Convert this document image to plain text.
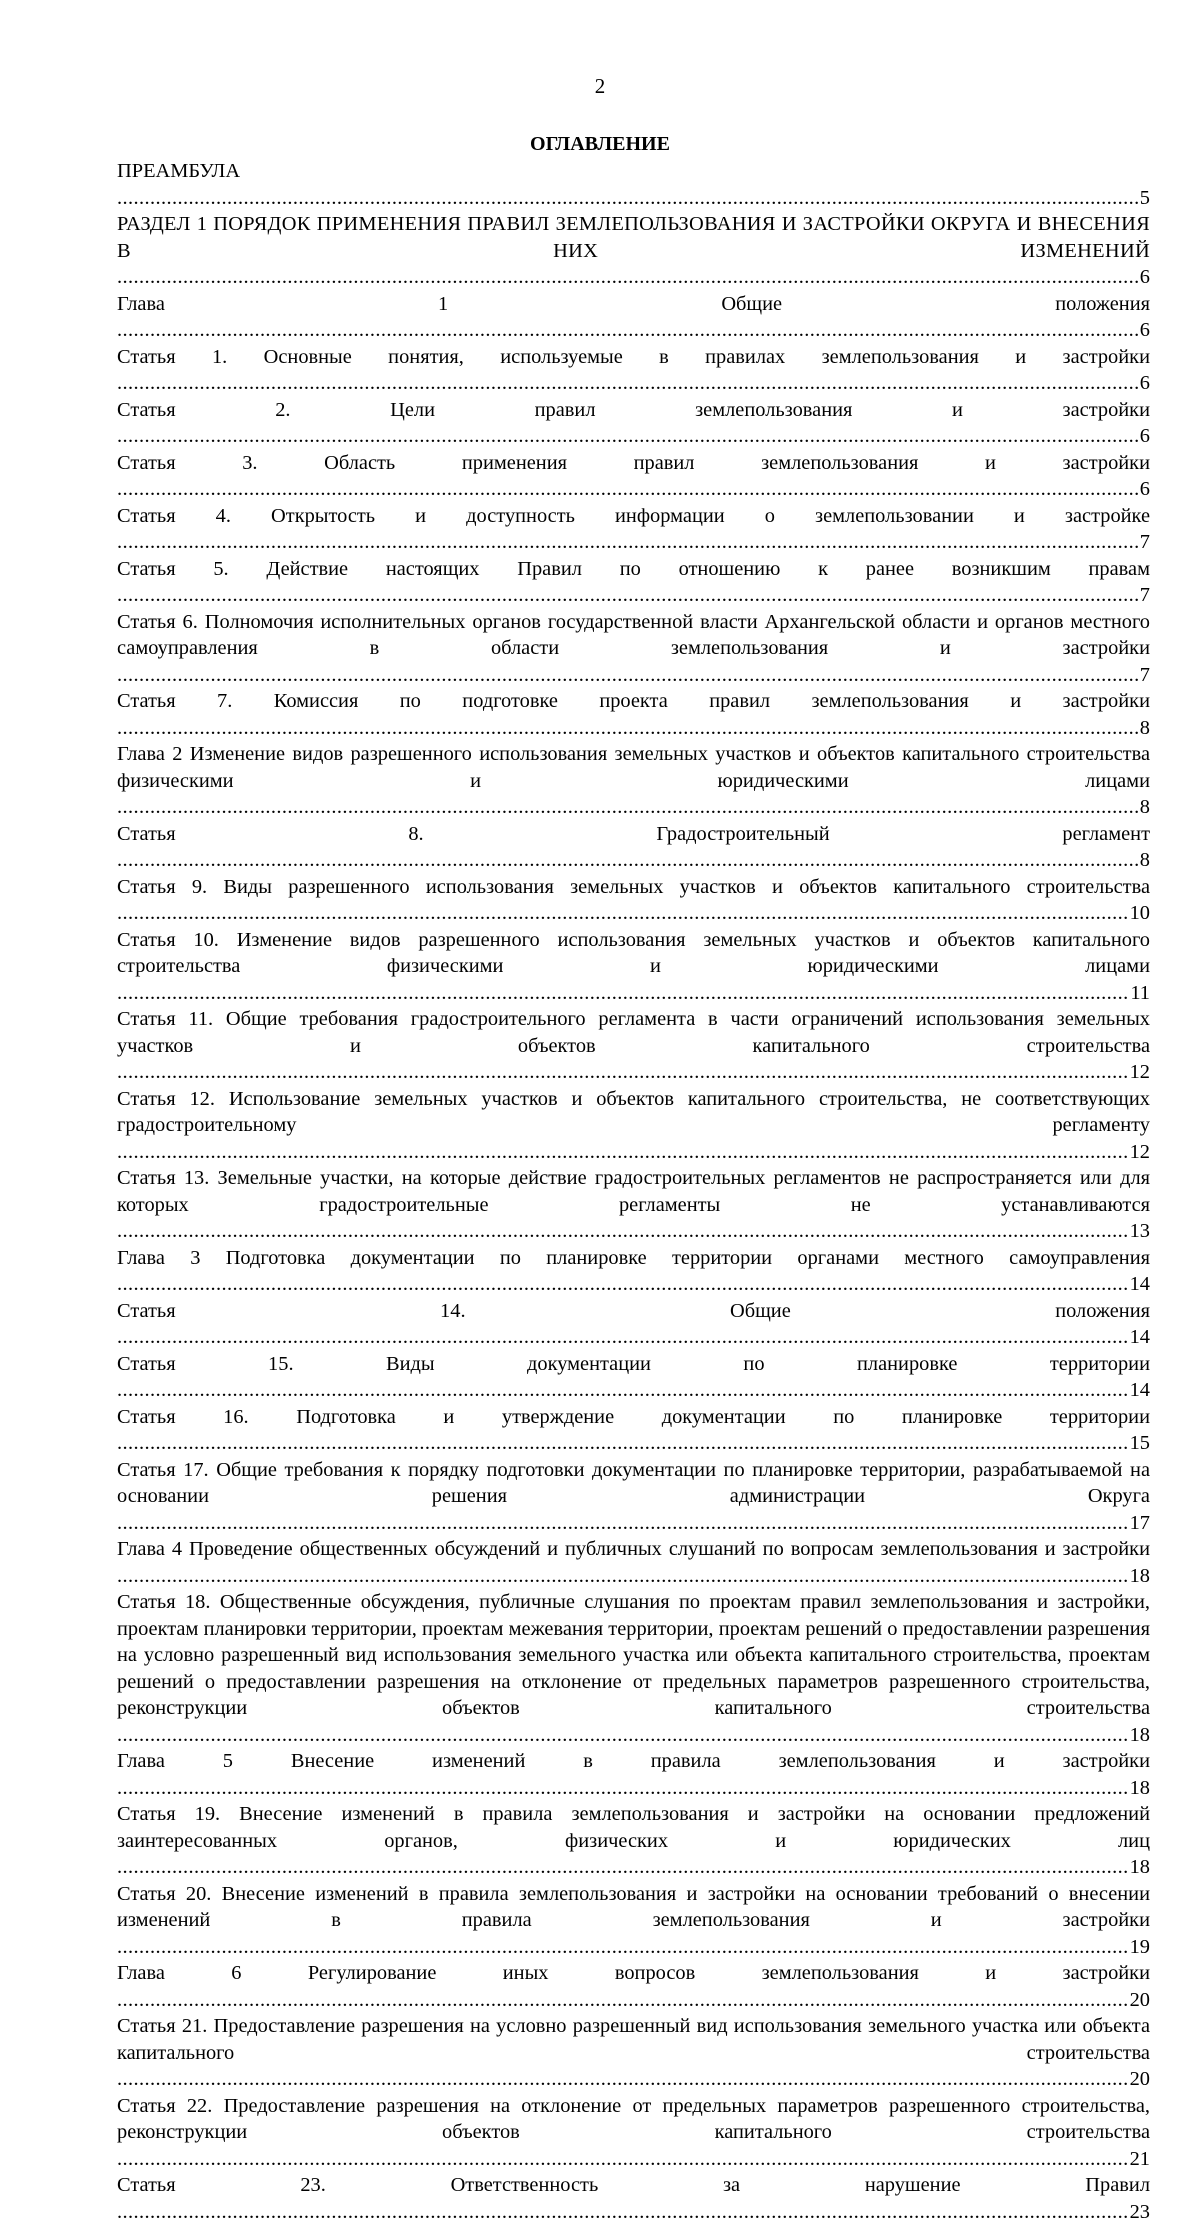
2
ОГЛАВЛЕНИЕ
ПРЕАМБУЛА .....
5
РАЗДЕЛ 1 ПОРЯДОК ПРИМЕНЕНИЯ ПРАВИЛ ЗЕМЛЕПОЛЬЗОВАНИЯ И ЗАСТРОЙКИ ОКРУГА И ВНЕСЕНИЯ В НИХ ИЗМЕНЕНИЙ .....
6
Глава 1 Общие положения .....
6
Статья 1. Основные понятия, используемые в правилах землепользования и застройки .....
6
Статья 2. Цели правил землепользования и застройки .....
6
Статья 3. Область применения правил землепользования и застройки .....
6
Статья 4. Открытость и доступность информации о землепользовании и застройке .....
7
Статья 5. Действие настоящих Правил по отношению к ранее возникшим правам .....
7
Статья 6. Полномочия исполнительных органов государственной власти Архангельской области и органов местного самоуправления в области землепользования и застройки .....
7
Статья 7. Комиссия по подготовке проекта правил землепользования и застройки .....
8
Глава 2 Изменение видов разрешенного использования земельных участков и объектов капитального строительства физическими и юридическими лицами .....
8
Статья 8. Градостроительный регламент .....
8
Статья 9. Виды разрешенного использования земельных участков и объектов капитального строительства .....
10
Статья 10. Изменение видов разрешенного использования земельных участков и объектов капитального строительства физическими и юридическими лицами .....
11
Статья 11. Общие требования градостроительного регламента в части ограничений использования земельных участков и объектов капитального строительства .....
12
Статья 12. Использование земельных участков и объектов капитального строительства, не соответствующих градостроительному регламенту .....
12
Статья 13. Земельные участки, на которые действие градостроительных регламентов не распространяется или для которых градостроительные регламенты не устанавливаются .....
13
Глава 3 Подготовка документации по планировке территории органами местного самоуправления .....
14
Статья 14. Общие положения .....
14
Статья 15. Виды документации по планировке территории .....
14
Статья 16. Подготовка и утверждение документации по планировке территории .....
15
Статья 17. Общие требования к порядку подготовки документации по планировке территории, разрабатываемой на основании решения администрации Округа .....
17
Глава 4 Проведение общественных обсуждений и публичных слушаний по вопросам землепользования и застройки .....
18
Статья 18. Общественные обсуждения, публичные слушания по проектам правил землепользования и застройки, проектам планировки территории, проектам межевания территории, проектам решений о предоставлении разрешения на условно разрешенный вид использования земельного участка или объекта капитального строительства, проектам решений о предоставлении разрешения на отклонение от предельных параметров разрешенного строительства, реконструкции объектов капитального строительства .....
18
Глава 5 Внесение изменений в правила землепользования и застройки .....
18
Статья 19. Внесение изменений в правила землепользования и застройки на основании предложений заинтересованных органов, физических и юридических лиц .....
18
Статья 20. Внесение изменений в правила землепользования и застройки на основании требований о внесении изменений в правила землепользования и застройки .....
19
Глава 6 Регулирование иных вопросов землепользования и застройки .....
20
Статья 21. Предоставление разрешения на условно разрешенный вид использования земельного участка или объекта капитального строительства .....
20
Статья 22. Предоставление разрешения на отклонение от предельных параметров разрешенного строительства, реконструкции объектов капитального строительства .....
21
Статья 23. Ответственность за нарушение Правил .....
23
